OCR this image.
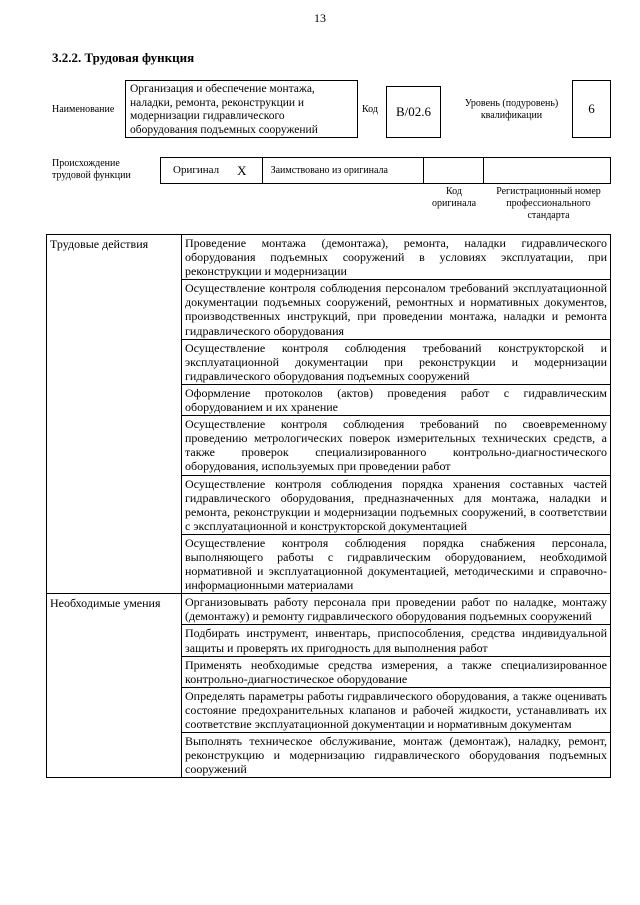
13
3.2.2. Трудовая функция
Наименование
Организация и обеспечение монтажа, наладки, ремонта, реконструкции и модернизации гидравлического оборудования подъемных сооружений
Код	B/02.6
Уровень (подуровень) квалификации	6
Происхождение трудовой функции	Оригинал X	Заимствовано из оригинала
Код оригинала
Регистрационный номер профессионального стандарта
Трудовые действия	Проведение монтажа (демонтажа), ремонта, наладки гидравлического оборудования подъемных сооружений в условиях эксплуатации, при реконструкции и модернизации
	Осуществление контроля соблюдения персоналом требований эксплуатационной документации подъемных сооружений, ремонтных и нормативных документов, производственных инструкций, при проведении монтажа, наладки и ремонта гидравлического оборудования
	Осуществление контроля соблюдения требований конструкторской и эксплуатационной документации при реконструкции и модернизации гидравлического оборудования подъемных сооружений
	Оформление протоколов (актов) проведения работ с гидравлическим оборудованием и их хранение
	Осуществление контроля соблюдения требований по своевременному проведению метрологических поверок измерительных технических средств, а также проверок специализированного контрольно-диагностического оборудования, используемых при проведении работ
	Осуществление контроля соблюдения порядка хранения составных частей гидравлического оборудования, предназначенных для монтажа, наладки и ремонта, реконструкции и модернизации подъемных сооружений, в соответствии с эксплуатационной и конструкторской документацией
	Осуществление контроля соблюдения порядка снабжения персонала, выполняющего работы с гидравлическим оборудованием, необходимой нормативной и эксплуатационной документацией, методическими и справочно-информационными материалами
Необходимые умения	Организовывать работу персонала при проведении работ по наладке, монтажу (демонтажу) и ремонту гидравлического оборудования подъемных сооружений
	Подбирать инструмент, инвентарь, приспособления, средства индивидуальной защиты и проверять их пригодность для выполнения работ
	Применять необходимые средства измерения, а также специализированное контрольно-диагностическое оборудование
	Определять параметры работы гидравлического оборудования, а также оценивать состояние предохранительных клапанов и рабочей жидкости, устанавливать их соответствие эксплуатационной документации и нормативным документам
	Выполнять техническое обслуживание, монтаж (демонтаж), наладку, ремонт, реконструкцию и модернизацию гидравлического оборудования подъемных сооружений
